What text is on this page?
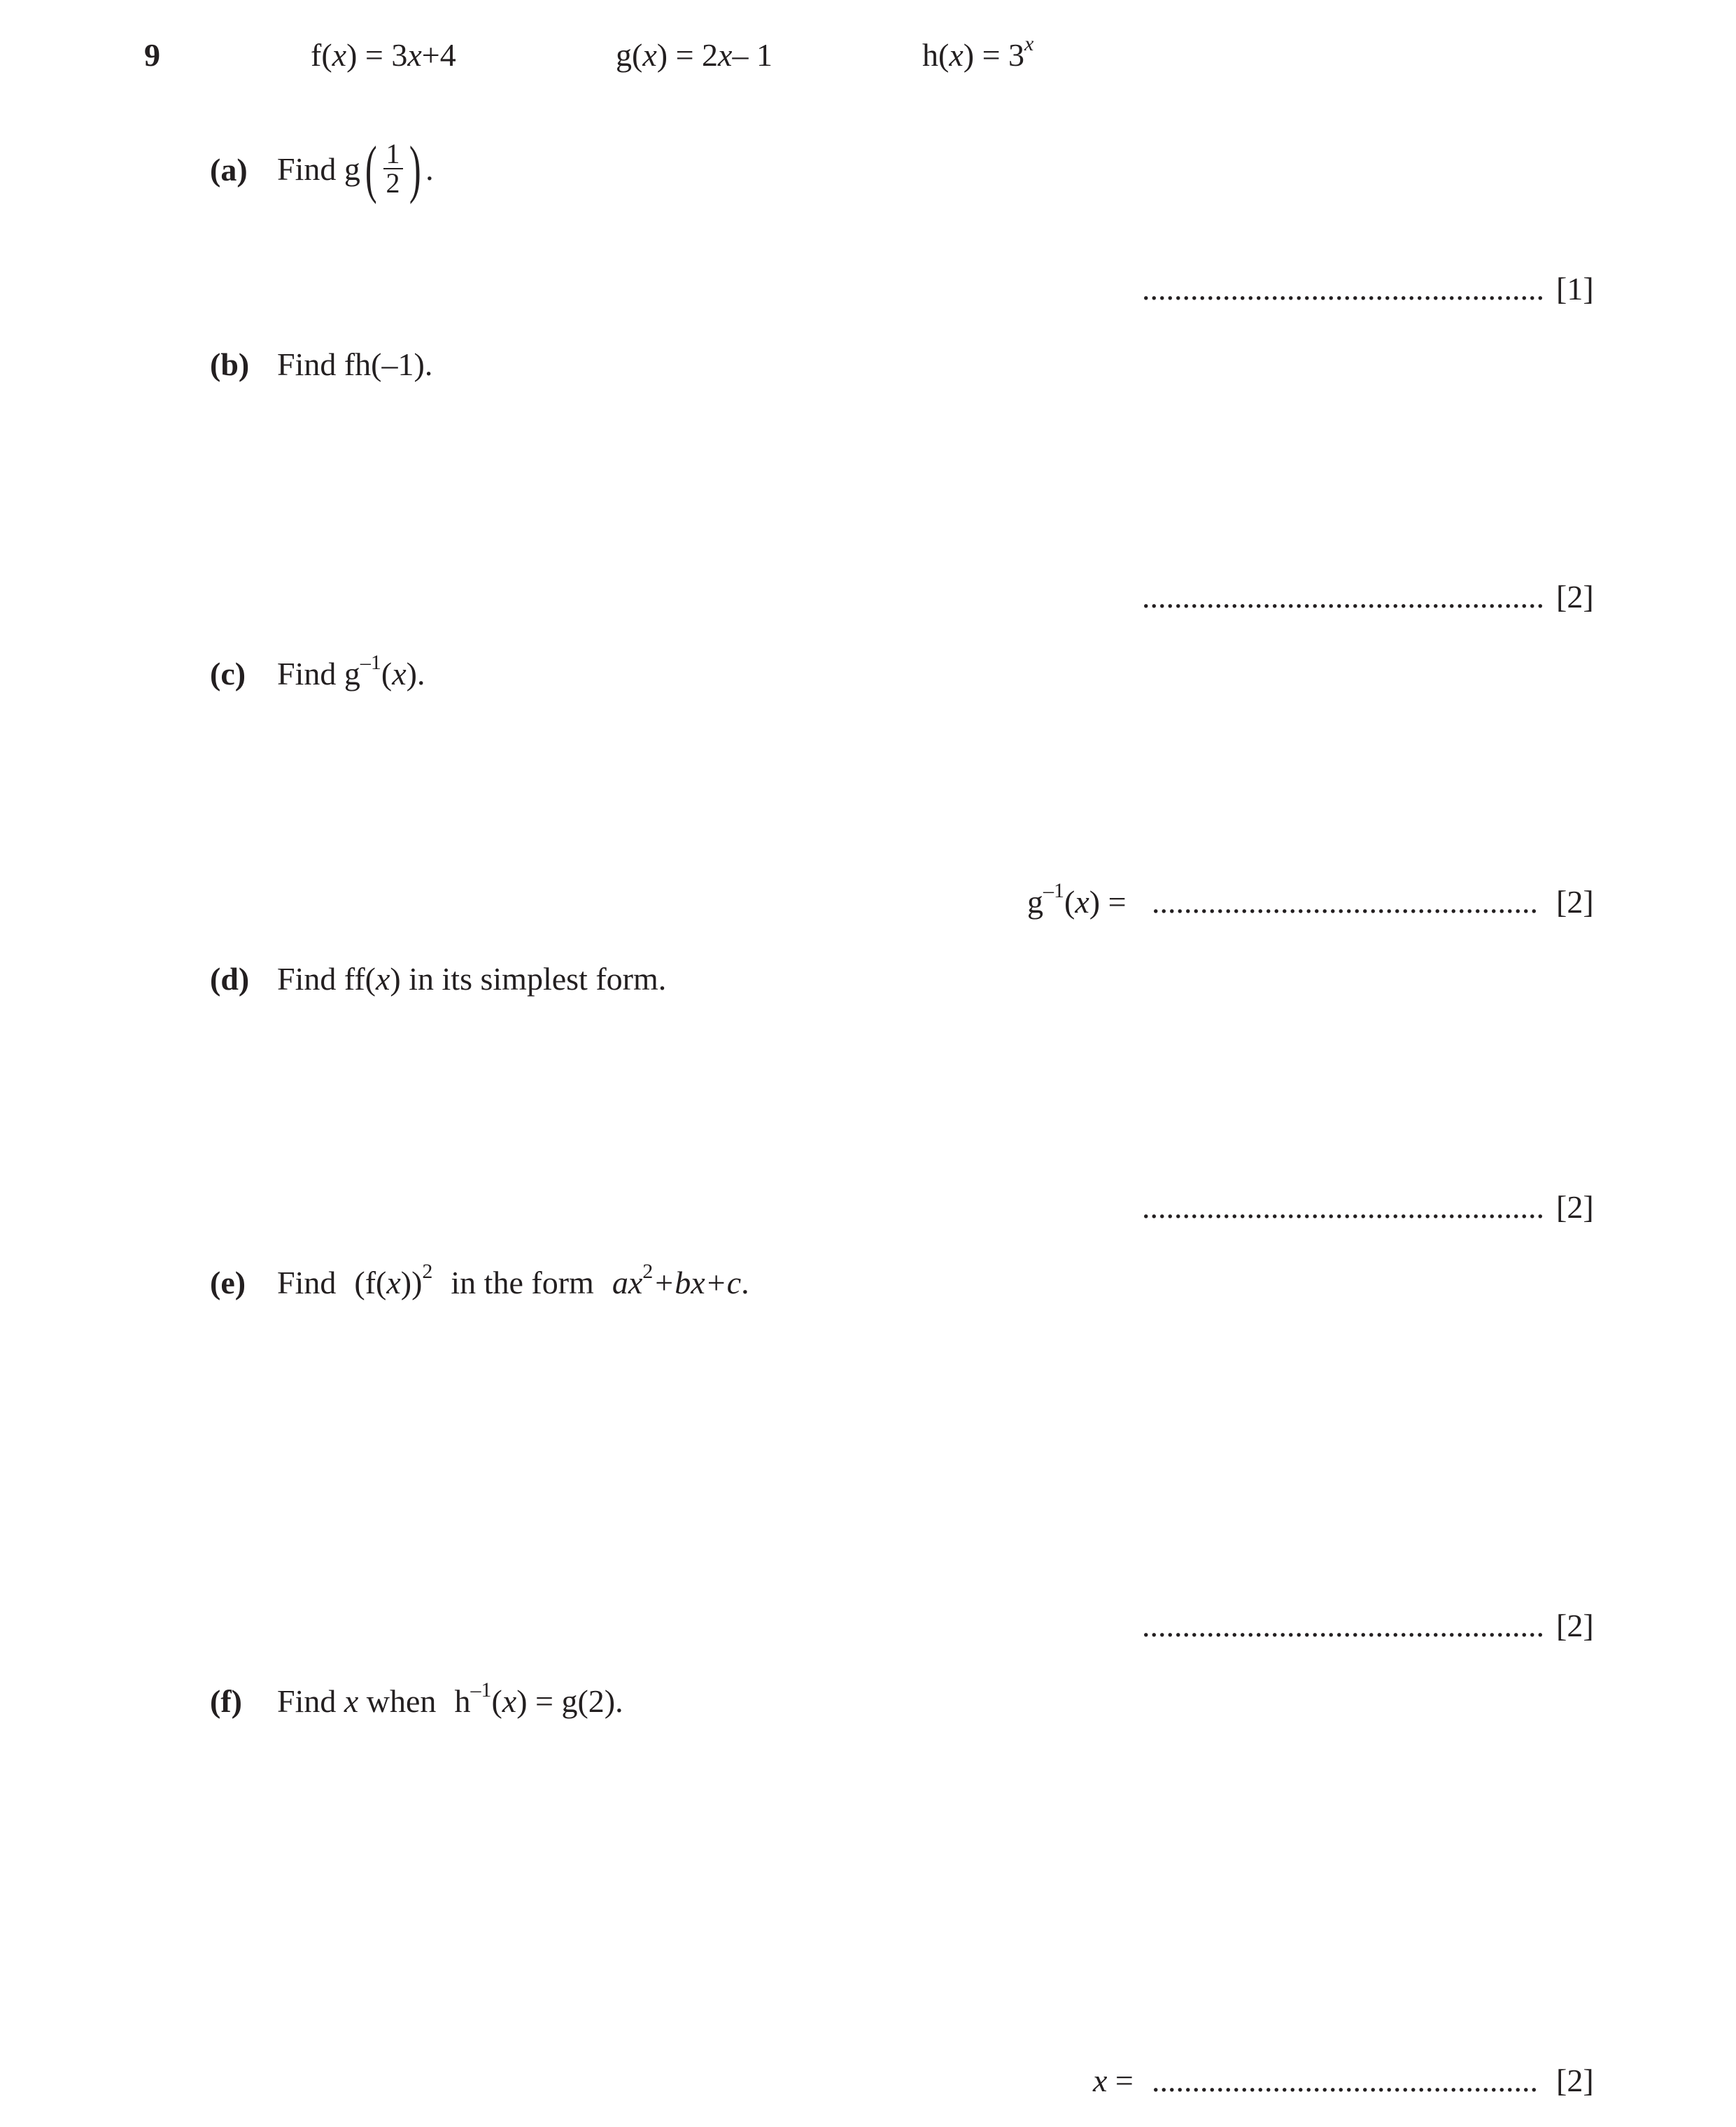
9	f(x) = 3x+4	g(x) = 2x– 1	$h(x) = 3^x$
(a) Find g ( $\frac{1}{2}$ ) .
.................................................. [1]
(b) Find fh(–1).
.................................................. [2]
(c) Find $g^{-1}(x)$.
$g^{-1}(x)$ = ................................................ [2]
(d) Find ff(x) in its simplest form.
.................................................. [2]
(e) Find $(f(x))^2$ in the form $ax^2+bx+c$.
.................................................. [2]
(f) Find x when $h^{-1}(x) = g(2)$.
x = ................................................ [2]
